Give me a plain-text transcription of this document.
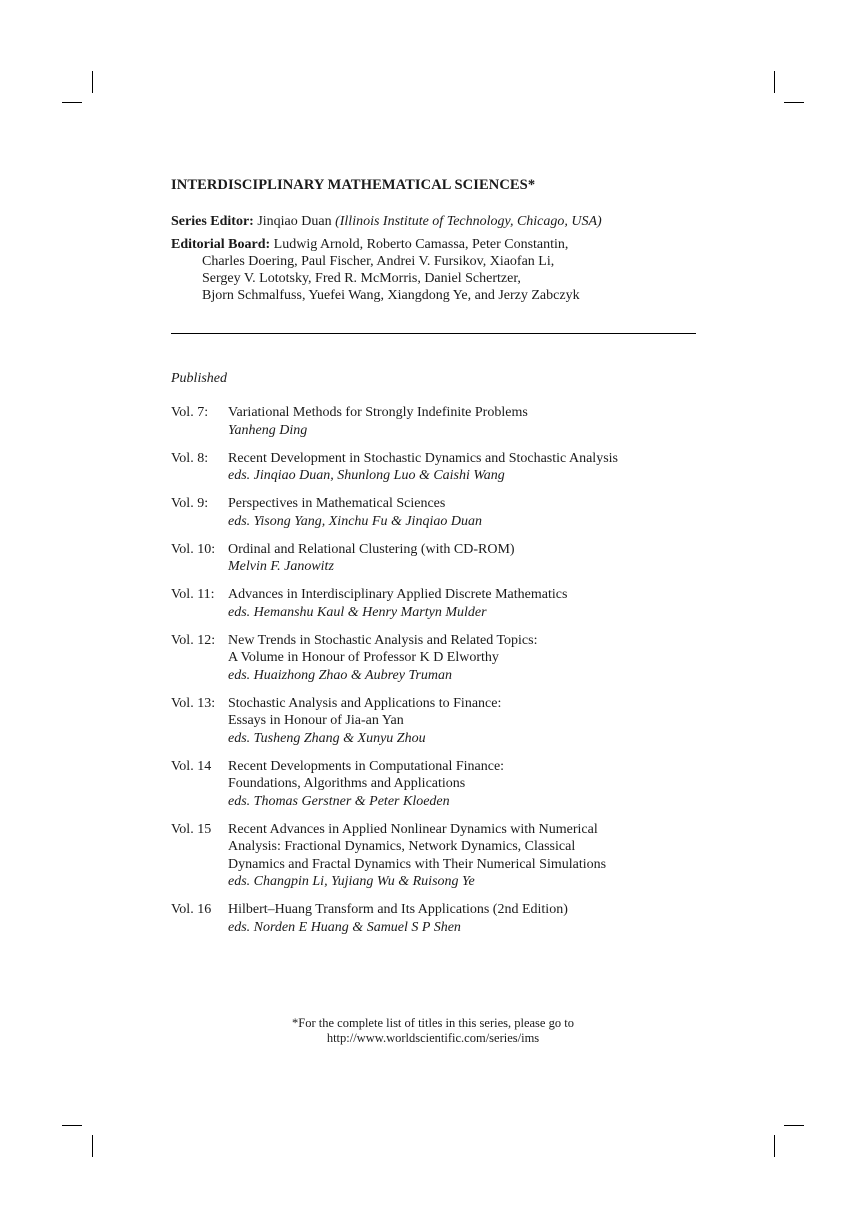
INTERDISCIPLINARY MATHEMATICAL SCIENCES*
Series Editor: Jinqiao Duan (Illinois Institute of Technology, Chicago, USA)
Editorial Board: Ludwig Arnold, Roberto Camassa, Peter Constantin,
Charles Doering, Paul Fischer, Andrei V. Fursikov, Xiaofan Li,
Sergey V. Lototsky, Fred R. McMorris, Daniel Schertzer,
Bjorn Schmalfuss, Yuefei Wang, Xiangdong Ye, and Jerzy Zabczyk
Published
Vol. 7:	Variational Methods for Strongly Indefinite Problems
Yanheng Ding
Vol. 8:	Recent Development in Stochastic Dynamics and Stochastic Analysis
eds. Jinqiao Duan, Shunlong Luo & Caishi Wang
Vol. 9:	Perspectives in Mathematical Sciences
eds. Yisong Yang, Xinchu Fu & Jinqiao Duan
Vol. 10: Ordinal and Relational Clustering (with CD-ROM)
Melvin F. Janowitz
Vol. 11: Advances in Interdisciplinary Applied Discrete Mathematics
eds. Hemanshu Kaul & Henry Martyn Mulder
Vol. 12: New Trends in Stochastic Analysis and Related Topics:
A Volume in Honour of Professor K D Elworthy
eds. Huaizhong Zhao & Aubrey Truman
Vol. 13: Stochastic Analysis and Applications to Finance:
Essays in Honour of Jia-an Yan
eds. Tusheng Zhang & Xunyu Zhou
Vol. 14	Recent Developments in Computational Finance:
Foundations, Algorithms and Applications
eds. Thomas Gerstner & Peter Kloeden
Vol. 15	Recent Advances in Applied Nonlinear Dynamics with Numerical
Analysis: Fractional Dynamics, Network Dynamics, Classical
Dynamics and Fractal Dynamics with Their Numerical Simulations
eds. Changpin Li, Yujiang Wu & Ruisong Ye
Vol. 16	Hilbert–Huang Transform and Its Applications (2nd Edition)
eds. Norden E Huang & Samuel S P Shen
*For the complete list of titles in this series, please go to
http://www.worldscientific.com/series/ims
